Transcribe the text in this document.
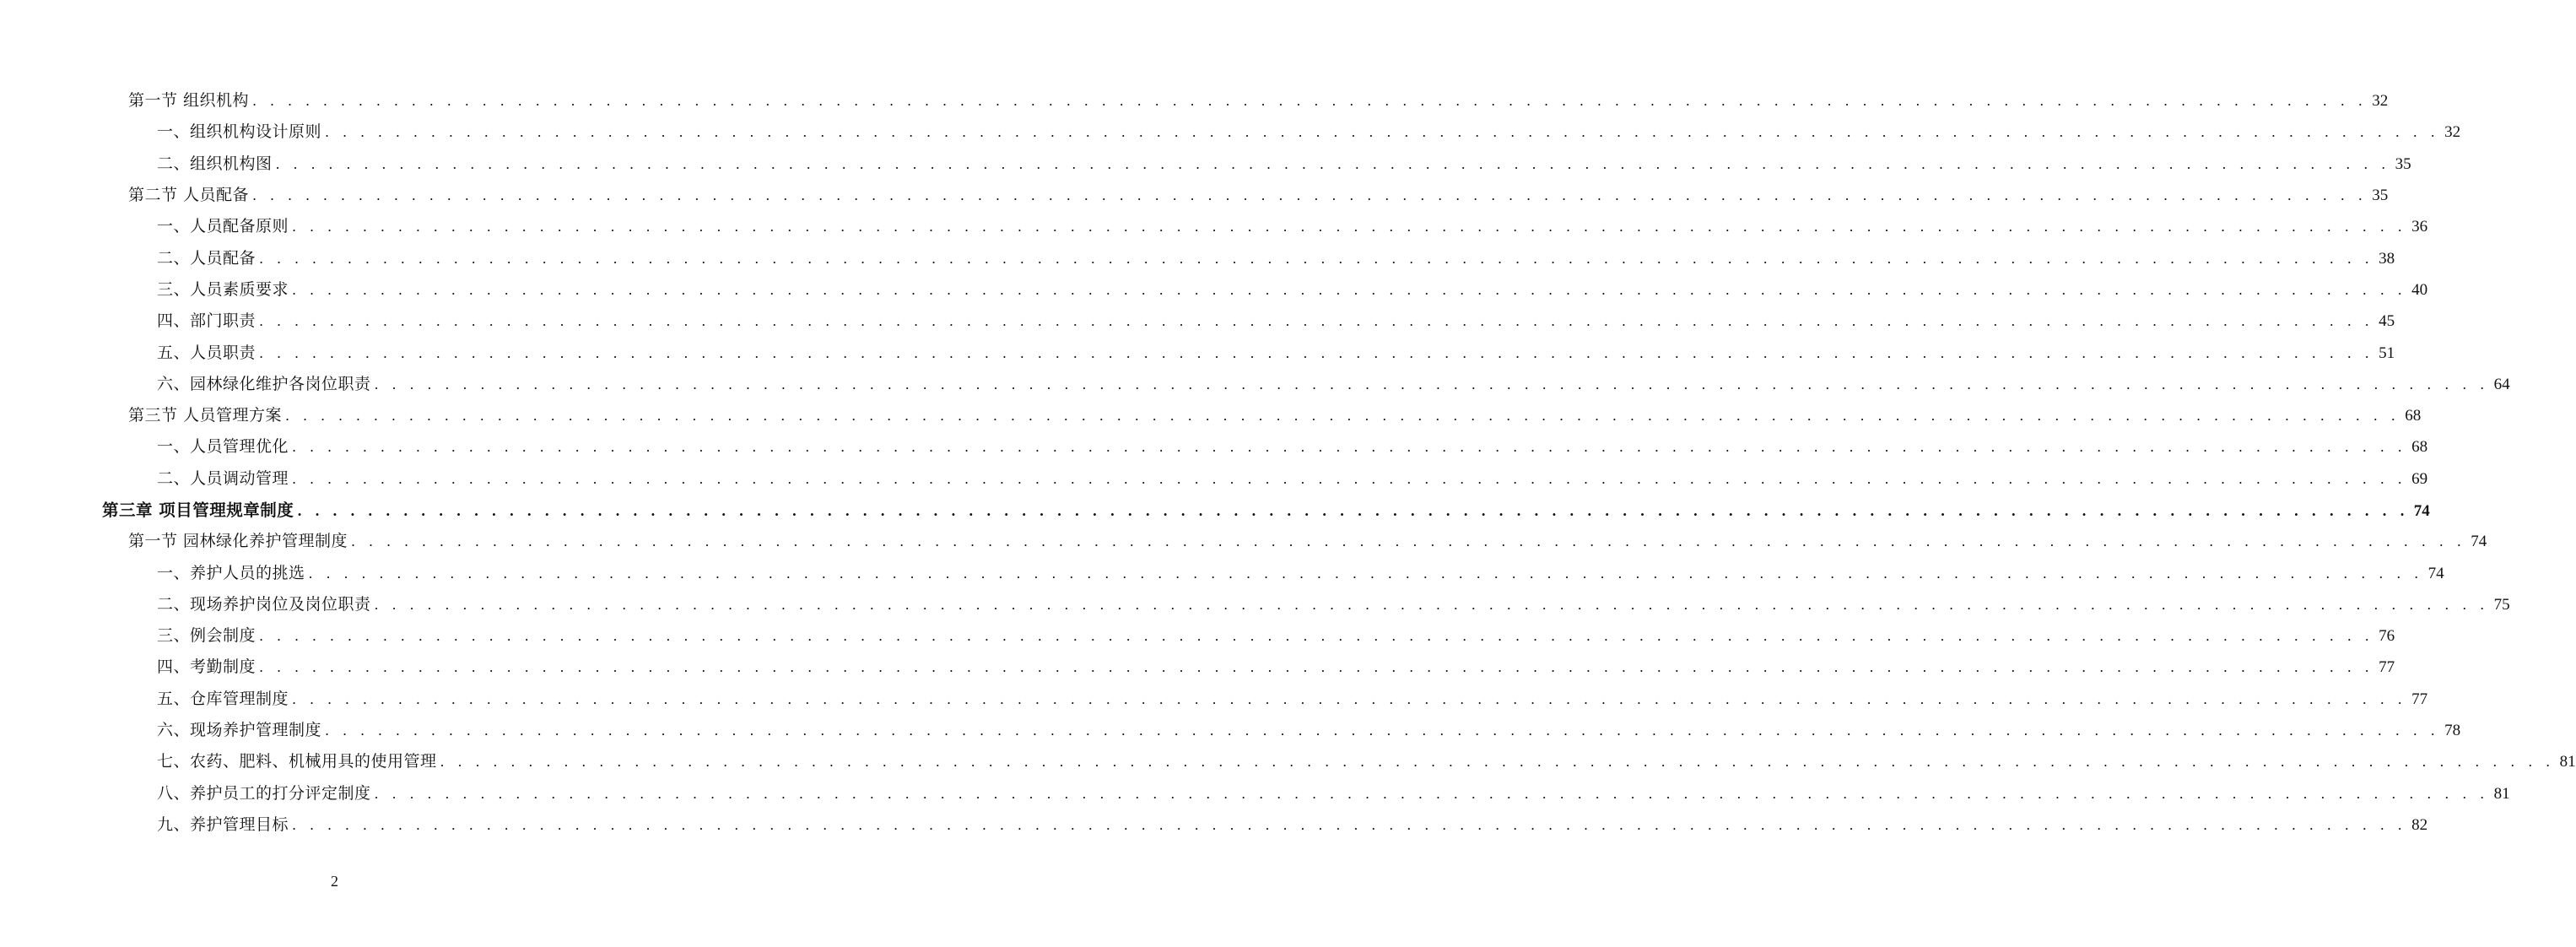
第一节 组织机构 . . . . . . . . . . . . . . . . . . . . . . . . . . . . . . . . . . . . . . . . . . . . . . . . . . . . . . . . . . . . . . . . . . . . . . . . . . . . . . . . . . . . . . . . . . . . . . . . . . . . . . . . . . . . . . . . . . . . . . . . 32
一、组织机构设计原则 . . . . . . . . . . . . . . . . . . . . . . . . . . . . . . . . . . . . . . . . . . . . . . . . . . . . . . . . . . . . . . . . . . . . . . . . . . . . . . . . . . . . . . . . . . . . . . . . . . . . . . . . . . . . . . . . . . . . . . . . 32
二、组织机构图 . . . . . . . . . . . . . . . . . . . . . . . . . . . . . . . . . . . . . . . . . . . . . . . . . . . . . . . . . . . . . . . . . . . . . . . . . . . . . . . . . . . . . . . . . . . . . . . . . . . . . . . . . . . . . . . . . . . . . . . . 35
第二节 人员配备 . . . . . . . . . . . . . . . . . . . . . . . . . . . . . . . . . . . . . . . . . . . . . . . . . . . . . . . . . . . . . . . . . . . . . . . . . . . . . . . . . . . . . . . . . . . . . . . . . . . . . . . . . . . . . . . . . . . . . . . . 35
一、人员配备原则 . . . . . . . . . . . . . . . . . . . . . . . . . . . . . . . . . . . . . . . . . . . . . . . . . . . . . . . . . . . . . . . . . . . . . . . . . . . . . . . . . . . . . . . . . . . . . . . . . . . . . . . . . . . . . . . . . . . . . . . . 36
二、人员配备 . . . . . . . . . . . . . . . . . . . . . . . . . . . . . . . . . . . . . . . . . . . . . . . . . . . . . . . . . . . . . . . . . . . . . . . . . . . . . . . . . . . . . . . . . . . . . . . . . . . . . . . . . . . . . . . . . . . . . . . . 38
三、人员素质要求 . . . . . . . . . . . . . . . . . . . . . . . . . . . . . . . . . . . . . . . . . . . . . . . . . . . . . . . . . . . . . . . . . . . . . . . . . . . . . . . . . . . . . . . . . . . . . . . . . . . . . . . . . . . . . . . . . . . . . . . . 40
四、部门职责 . . . . . . . . . . . . . . . . . . . . . . . . . . . . . . . . . . . . . . . . . . . . . . . . . . . . . . . . . . . . . . . . . . . . . . . . . . . . . . . . . . . . . . . . . . . . . . . . . . . . . . . . . . . . . . . . . . . . . . . . 45
五、人员职责 . . . . . . . . . . . . . . . . . . . . . . . . . . . . . . . . . . . . . . . . . . . . . . . . . . . . . . . . . . . . . . . . . . . . . . . . . . . . . . . . . . . . . . . . . . . . . . . . . . . . . . . . . . . . . . . . . . . . . . . . 51
六、园林绿化维护各岗位职责 . . . . . . . . . . . . . . . . . . . . . . . . . . . . . . . . . . . . . . . . . . . . . . . . . . . . . . . . . . . . . . . . . . . . . . . . . . . . . . . . . . . . . . . . . . . . . . . . . . . . . . . . . . . . . . . . . . . . . . . . 64
第三节 人员管理方案 . . . . . . . . . . . . . . . . . . . . . . . . . . . . . . . . . . . . . . . . . . . . . . . . . . . . . . . . . . . . . . . . . . . . . . . . . . . . . . . . . . . . . . . . . . . . . . . . . . . . . . . . . . . . . . . . . . . . . . . . 68
一、人员管理优化 . . . . . . . . . . . . . . . . . . . . . . . . . . . . . . . . . . . . . . . . . . . . . . . . . . . . . . . . . . . . . . . . . . . . . . . . . . . . . . . . . . . . . . . . . . . . . . . . . . . . . . . . . . . . . . . . . . . . . . . . 68
二、人员调动管理 . . . . . . . . . . . . . . . . . . . . . . . . . . . . . . . . . . . . . . . . . . . . . . . . . . . . . . . . . . . . . . . . . . . . . . . . . . . . . . . . . . . . . . . . . . . . . . . . . . . . . . . . . . . . . . . . . . . . . . . . 69
第三章 项目管理规章制度 . . . . . . . . . . . . . . . . . . . . . . . . . . . . . . . . . . . . . . . . . . . . . . . . . . . . . . . . . . . . . . . . . . . . . . . . . . . . . . . . . . . . . . . . . . . . . . . . . . . . . . . . . . . . . . . . . . . . . . . . 74
第一节 园林绿化养护管理制度 . . . . . . . . . . . . . . . . . . . . . . . . . . . . . . . . . . . . . . . . . . . . . . . . . . . . . . . . . . . . . . . . . . . . . . . . . . . . . . . . . . . . . . . . . . . . . . . . . . . . . . . . . . . . . . . . . . . . . . . . 74
一、养护人员的挑选 . . . . . . . . . . . . . . . . . . . . . . . . . . . . . . . . . . . . . . . . . . . . . . . . . . . . . . . . . . . . . . . . . . . . . . . . . . . . . . . . . . . . . . . . . . . . . . . . . . . . . . . . . . . . . . . . . . . . . . . . 74
二、现场养护岗位及岗位职责 . . . . . . . . . . . . . . . . . . . . . . . . . . . . . . . . . . . . . . . . . . . . . . . . . . . . . . . . . . . . . . . . . . . . . . . . . . . . . . . . . . . . . . . . . . . . . . . . . . . . . . . . . . . . . . . . . . . . . . . . 75
三、例会制度 . . . . . . . . . . . . . . . . . . . . . . . . . . . . . . . . . . . . . . . . . . . . . . . . . . . . . . . . . . . . . . . . . . . . . . . . . . . . . . . . . . . . . . . . . . . . . . . . . . . . . . . . . . . . . . . . . . . . . . . . 76
四、考勤制度 . . . . . . . . . . . . . . . . . . . . . . . . . . . . . . . . . . . . . . . . . . . . . . . . . . . . . . . . . . . . . . . . . . . . . . . . . . . . . . . . . . . . . . . . . . . . . . . . . . . . . . . . . . . . . . . . . . . . . . . . 77
五、仓库管理制度 . . . . . . . . . . . . . . . . . . . . . . . . . . . . . . . . . . . . . . . . . . . . . . . . . . . . . . . . . . . . . . . . . . . . . . . . . . . . . . . . . . . . . . . . . . . . . . . . . . . . . . . . . . . . . . . . . . . . . . . . 77
六、现场养护管理制度 . . . . . . . . . . . . . . . . . . . . . . . . . . . . . . . . . . . . . . . . . . . . . . . . . . . . . . . . . . . . . . . . . . . . . . . . . . . . . . . . . . . . . . . . . . . . . . . . . . . . . . . . . . . . . . . . . . . . . . . . 78
七、农药、肥料、机械用具的使用管理 . . . . . . . . . . . . . . . . . . . . . . . . . . . . . . . . . . . . . . . . . . . . . . . . . . . . . . . . . . . . . . . . . . . . . . . . . . . . . . . . . . . . . . . . . . . . . . . . . . . . . . . . . . . . . . . . . . . . . . . . 81
八、养护员工的打分评定制度 . . . . . . . . . . . . . . . . . . . . . . . . . . . . . . . . . . . . . . . . . . . . . . . . . . . . . . . . . . . . . . . . . . . . . . . . . . . . . . . . . . . . . . . . . . . . . . . . . . . . . . . . . . . . . . . . . . . . . . . . 81
九、养护管理目标 . . . . . . . . . . . . . . . . . . . . . . . . . . . . . . . . . . . . . . . . . . . . . . . . . . . . . . . . . . . . . . . . . . . . . . . . . . . . . . . . . . . . . . . . . . . . . . . . . . . . . . . . . . . . . . . . . . . . . . . . 82
2
